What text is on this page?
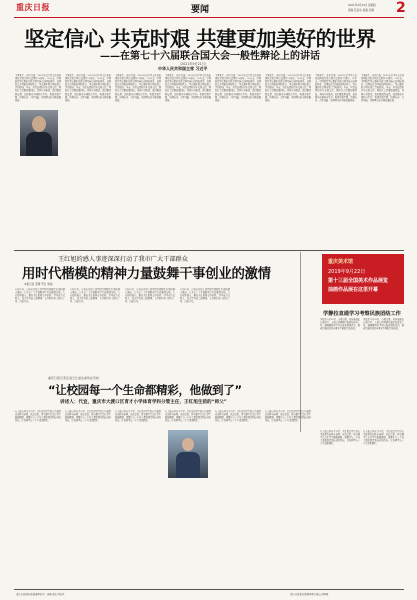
重庆日报	要闻	2021年9月23日 星期四
责编 张亚东 美编 乔耀 2
坚定信心 共克时艰 共建更加美好的世界
——在第七十六届联合国大会一般性辩论上的讲话
（2021年9月21日）
中华人民共和国主席 习近平
主席先生，各位代表：2021年是中华人民共和国恢复联合国合法席位50周年。50年来，中国始终坚定维护以联合国为核心的国际体系、以国际法为基础的国际秩序，坚定维护联合国宪章宗旨和原则。当前，世纪疫情和百年变局交织，国际社会需要加强团结，共同应对挑战。我们要战胜疫情，加快推动全球经济复苏，构建普惠平衡、协调包容、合作共赢、共同繁荣的全球发展格局。
主席先生，各位代表：2021年是中华人民共和国恢复联合国合法席位50周年。50年来，中国始终坚定维护以联合国为核心的国际体系、以国际法为基础的国际秩序，坚定维护联合国宪章宗旨和原则。当前，世纪疫情和百年变局交织，国际社会需要加强团结，共同应对挑战。我们要战胜疫情，加快推动全球经济复苏，构建普惠平衡、协调包容、合作共赢、共同繁荣的全球发展格局。
主席先生，各位代表：2021年是中华人民共和国恢复联合国合法席位50周年。50年来，中国始终坚定维护以联合国为核心的国际体系、以国际法为基础的国际秩序，坚定维护联合国宪章宗旨和原则。当前，世纪疫情和百年变局交织，国际社会需要加强团结，共同应对挑战。我们要战胜疫情，加快推动全球经济复苏，构建普惠平衡、协调包容、合作共赢、共同繁荣的全球发展格局。
主席先生，各位代表：2021年是中华人民共和国恢复联合国合法席位50周年。50年来，中国始终坚定维护以联合国为核心的国际体系、以国际法为基础的国际秩序，坚定维护联合国宪章宗旨和原则。当前，世纪疫情和百年变局交织，国际社会需要加强团结，共同应对挑战。我们要战胜疫情，加快推动全球经济复苏，构建普惠平衡、协调包容、合作共赢、共同繁荣的全球发展格局。
主席先生，各位代表：2021年是中华人民共和国恢复联合国合法席位50周年。50年来，中国始终坚定维护以联合国为核心的国际体系、以国际法为基础的国际秩序，坚定维护联合国宪章宗旨和原则。当前，世纪疫情和百年变局交织，国际社会需要加强团结，共同应对挑战。我们要战胜疫情，加快推动全球经济复苏，构建普惠平衡、协调包容、合作共赢、共同繁荣的全球发展格局。
主席先生，各位代表：2021年是中华人民共和国恢复联合国合法席位50周年。50年来，中国始终坚定维护以联合国为核心的国际体系、以国际法为基础的国际秩序，坚定维护联合国宪章宗旨和原则。当前，世纪疫情和百年变局交织，国际社会需要加强团结，共同应对挑战。我们要战胜疫情，加快推动全球经济复苏，构建普惠平衡、协调包容、合作共赢、共同繁荣的全球发展格局。
主席先生，各位代表：2021年是中华人民共和国恢复联合国合法席位50周年。50年来，中国始终坚定维护以联合国为核心的国际体系、以国际法为基础的国际秩序，坚定维护联合国宪章宗旨和原则。当前，世纪疫情和百年变局交织，国际社会需要加强团结，共同应对挑战。我们要战胜疫情，加快推动全球经济复苏，构建普惠平衡、协调包容、合作共赢、共同繁荣的全球发展格局。
主席先生，各位代表：2021年是中华人民共和国恢复联合国合法席位50周年。50年来，中国始终坚定维护以联合国为核心的国际体系、以国际法为基础的国际秩序，坚定维护联合国宪章宗旨和原则。当前，世纪疫情和百年变局交织，国际社会需要加强团结，共同应对挑战。我们要战胜疫情，加快推动全球经济复苏，构建普惠平衡、协调包容、合作共赢、共同繁荣的全球发展格局。
王红旭的感人事迹深深打动了我市广大干部群众
用时代楷模的精神力量鼓舞干事创业的激情
本报记者 张珺 罗芸 周雨
9月22日，在重庆日报上刊登时代楷模王红旭的感人事迹，在全市广大干部群众中引起强烈反响。大家纷纷表示，要以王红旭同志为榜样，学习他舍己救人、见义勇为的崇高精神，在本职岗位上踏实工作、奋发有为。
9月22日，在重庆日报上刊登时代楷模王红旭的感人事迹，在全市广大干部群众中引起强烈反响。大家纷纷表示，要以王红旭同志为榜样，学习他舍己救人、见义勇为的崇高精神，在本职岗位上踏实工作、奋发有为。
9月22日，在重庆日报上刊登时代楷模王红旭的感人事迹，在全市广大干部群众中引起强烈反响。大家纷纷表示，要以王红旭同志为榜样，学习他舍己救人、见义勇为的崇高精神，在本职岗位上踏实工作、奋发有为。
9月22日，在重庆日报上刊登时代楷模王红旭的感人事迹，在全市广大干部群众中引起强烈反响。大家纷纷表示，要以王红旭同志为榜样，学习他舍己救人、见义勇为的崇高精神，在本职岗位上踏实工作、奋发有为。
重庆日报记者走进王红旭生前所在学校
“让校园每一个生命都精彩，他做到了”
讲述人：代宜，重庆市大渡口区育才小学体育学科分管主任，王红旭生前的“师父”
在大渡口区育才小学，王红旭是学生们心中最喜欢的体育老师。他总是说，体育课不只是让学生跑跑跳跳，更要让每一个孩子都能感受到运动的快乐，让校园里每一个生命都精彩。
在大渡口区育才小学，王红旭是学生们心中最喜欢的体育老师。他总是说，体育课不只是让学生跑跑跳跳，更要让每一个孩子都能感受到运动的快乐，让校园里每一个生命都精彩。
在大渡口区育才小学，王红旭是学生们心中最喜欢的体育老师。他总是说，体育课不只是让学生跑跑跳跳，更要让每一个孩子都能感受到运动的快乐，让校园里每一个生命都精彩。
在大渡口区育才小学，王红旭是学生们心中最喜欢的体育老师。他总是说，体育课不只是让学生跑跑跳跳，更要让每一个孩子都能感受到运动的快乐，让校园里每一个生命都精彩。
在大渡口区育才小学，王红旭是学生们心中最喜欢的体育老师。他总是说，体育课不只是让学生跑跑跳跳，更要让每一个孩子都能感受到运动的快乐，让校园里每一个生命都精彩。
在大渡口区育才小学，王红旭是学生们心中最喜欢的体育老师。他总是说，体育课不只是让学生跑跑跳跳，更要让每一个孩子都能感受到运动的快乐，让校园里每一个生命都精彩。
重庆美术馆
2019年9月22日
第十三届全国美术作品展览
油画作品展在这里开幕
学静拉直通学习考察民族团结工作
本报讯 9月22日，市委常委、宣传部部长在渝中区、大渡口区调研民族团结进步工作，强调要铸牢中华民族共同体意识，推动民族团结进步事业不断取得新成效。
本报讯 9月22日，市委常委、宣传部部长在渝中区、大渡口区调研民族团结进步工作，强调要铸牢中华民族共同体意识，推动民族团结进步事业不断取得新成效。
在大渡口区育才小学，王红旭是学生们心中最喜欢的体育老师。他总是说，体育课不只是让学生跑跑跳跳，更要让每一个孩子都能感受到运动的快乐，让校园里每一个生命都精彩。
在大渡口区育才小学，王红旭是学生们心中最喜欢的体育老师。他总是说，体育课不只是让学生跑跑跳跳，更要让每一个孩子都能感受到运动的快乐，让校园里每一个生命都精彩。
重庆市新闻出版局准印证号：渝新出版 登记号	重庆日报报业集团印务有限公司印刷
